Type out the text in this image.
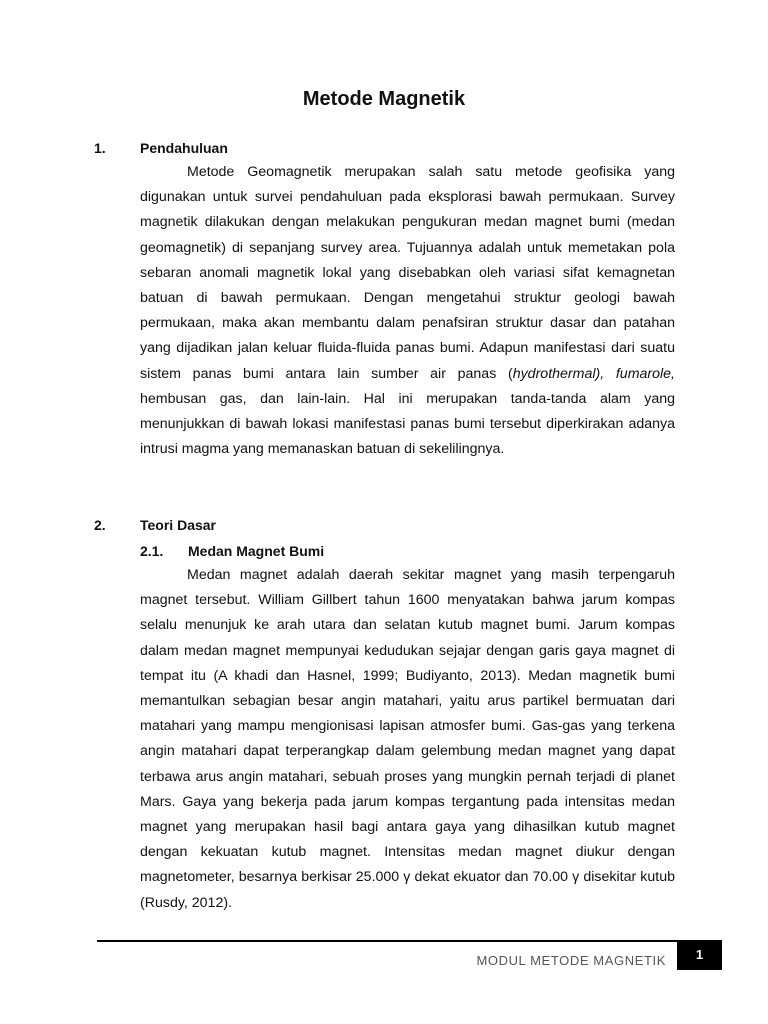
Metode Magnetik
1. Pendahuluan

Metode Geomagnetik merupakan salah satu metode geofisika yang digunakan untuk survei pendahuluan pada eksplorasi bawah permukaan. Survey magnetik dilakukan dengan melakukan pengukuran medan magnet bumi (medan geomagnetik) di sepanjang survey area. Tujuannya adalah untuk memetakan pola sebaran anomali magnetik lokal yang disebabkan oleh variasi sifat kemagnetan batuan di bawah permukaan. Dengan mengetahui struktur geologi bawah permukaan, maka akan membantu dalam penafsiran struktur dasar dan patahan yang dijadikan jalan keluar fluida-fluida panas bumi. Adapun manifestasi dari suatu sistem panas bumi antara lain sumber air panas (hydrothermal), fumarole, hembusan gas, dan lain-lain. Hal ini merupakan tanda-tanda alam yang menunjukkan di bawah lokasi manifestasi panas bumi tersebut diperkirakan adanya intrusi magma yang memanaskan batuan di sekelilingnya.

2. Teori Dasar
2.1. Medan Magnet Bumi

Medan magnet adalah daerah sekitar magnet yang masih terpengaruh magnet tersebut. William Gillbert tahun 1600 menyatakan bahwa jarum kompas selalu menunjuk ke arah utara dan selatan kutub magnet bumi. Jarum kompas dalam medan magnet mempunyai kedudukan sejajar dengan garis gaya magnet di tempat itu (A khadi dan Hasnel, 1999; Budiyanto, 2013). Medan magnetik bumi memantulkan sebagian besar angin matahari, yaitu arus partikel bermuatan dari matahari yang mampu mengionisasi lapisan atmosfer bumi. Gas-gas yang terkena angin matahari dapat terperangkap dalam gelembung medan magnet yang dapat terbawa arus angin matahari, sebuah proses yang mungkin pernah terjadi di planet Mars. Gaya yang bekerja pada jarum kompas tergantung pada intensitas medan magnet yang merupakan hasil bagi antara gaya yang dihasilkan kutub magnet dengan kekuatan kutub magnet. Intensitas medan magnet diukur dengan magnetometer, besarnya berkisar 25.000 γ dekat ekuator dan 70.00 γ disekitar kutub (Rusdy, 2012).

MODUL METODE MAGNETIK	1
